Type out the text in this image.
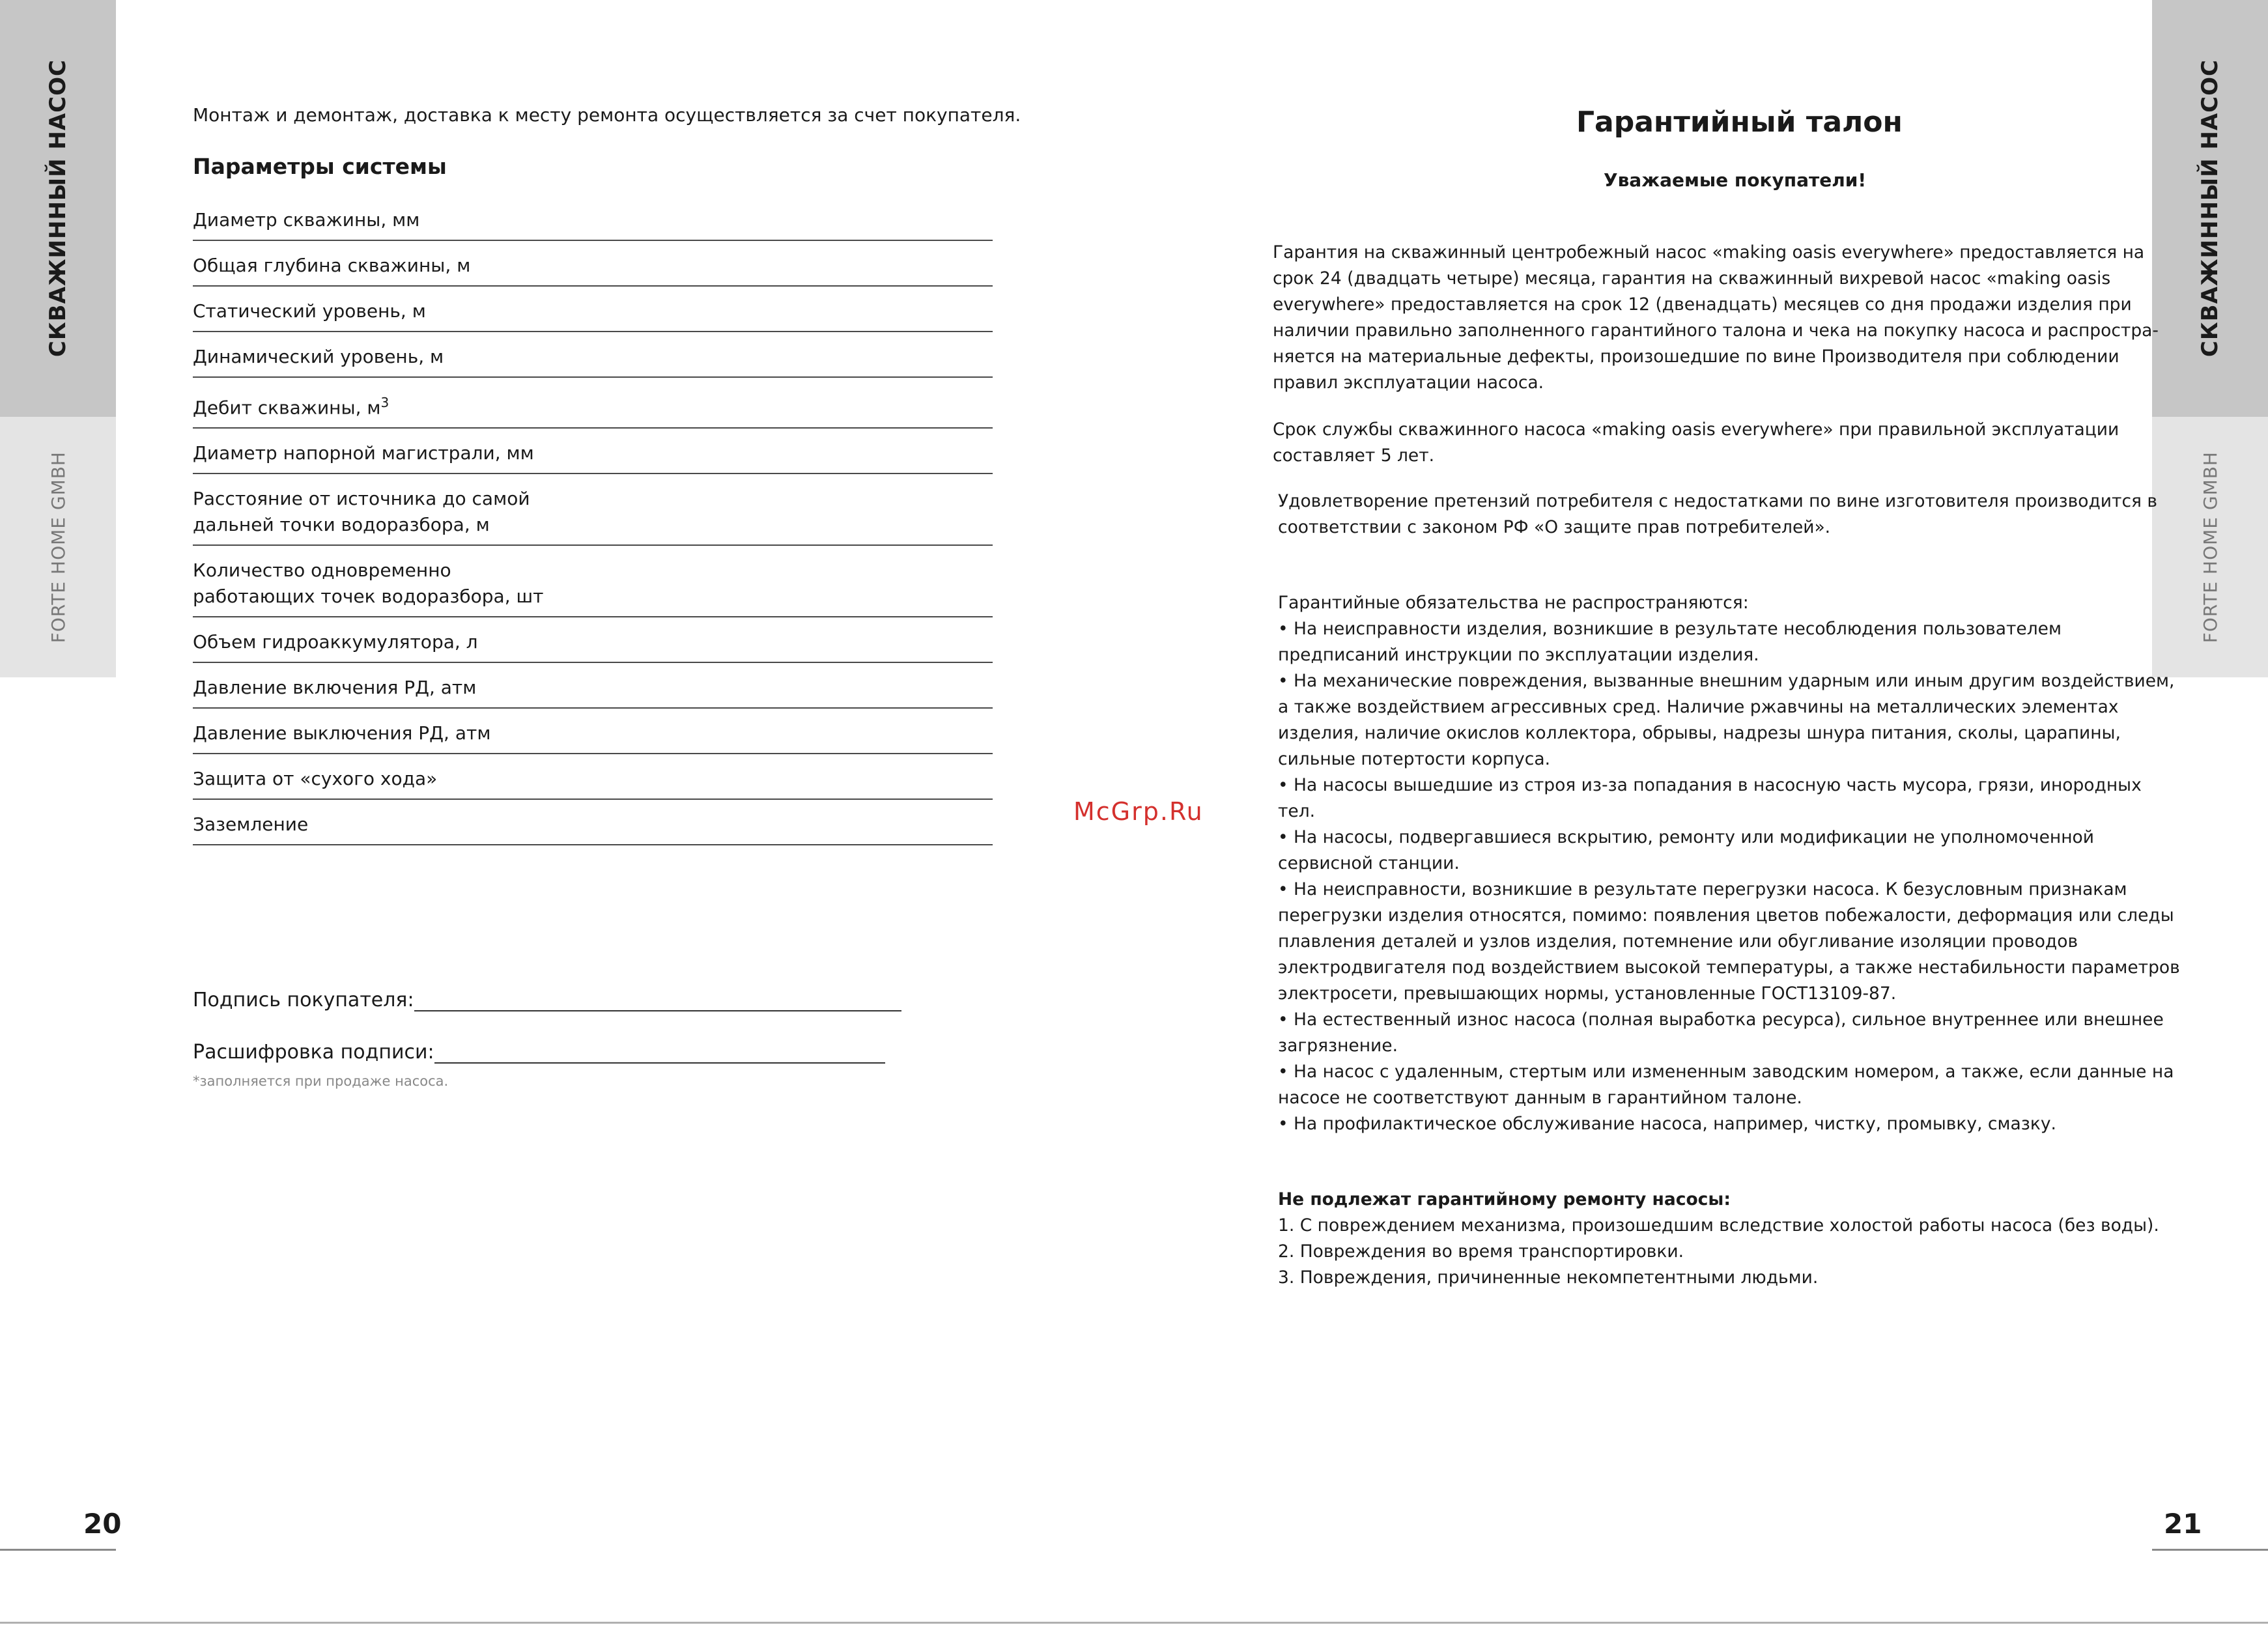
СКВАЖИННЫЙ НАСОС
FORTE HOME GMBH
СКВАЖИННЫЙ НАСОС
FORTE HOME GMBH
20	21
Монтаж и демонтаж, доставка к месту ремонта осуществляется за счет покупателя.
Параметры системы
Диаметр скважины, мм
Общая глубина скважины, м
Статический уровень, м
Динамический уровень, м
Дебит скважины, $м^3$
Диаметр напорной магистрали, мм
Расстояние от источника до самой
дальней точки водоразбора, м
Количество одновременно
работающих точек водоразбора, шт
Объем гидроаккумулятора, л
Давление включения РД, атм
Давление выключения РД, атм
Защита от «сухого хода»
Заземление
Подпись покупателя:
Расшифровка подписи:
*заполняется при продаже насоса.
McGrp.Ru
Гарантийный талон
Уважаемые покупатели!
Гарантия на скважинный центробежный насос «making oasis everywhere» предоставляется на
срок 24 (двадцать четыре) месяца, гарантия на скважинный вихревой насос «making oasis
everywhere» предоставляется на срок 12 (двенадцать) месяцев со дня продажи изделия при
наличии правильно заполненного гарантийного талона и чека на покупку насоса и распростра-
няется на материальные дефекты, произошедшие по вине Производителя при соблюдении
правил эксплуатации насоса.
Срок службы скважинного насоса «making oasis everywhere» при правильной эксплуатации
составляет 5 лет.
Удовлетворение претензий потребителя с недостатками по вине изготовителя производится в
соответствии с законом РФ «О защите прав потребителей».
Гарантийные обязательства не распространяются:
• На неисправности изделия, возникшие в результате несоблюдения пользователем
предписаний инструкции по эксплуатации изделия.
• На механические повреждения, вызванные внешним ударным или иным другим воздействием,
а также воздействием агрессивных сред. Наличие ржавчины на металлических элементах
изделия, наличие окислов коллектора, обрывы, надрезы шнура питания, сколы, царапины,
сильные потертости корпуса.
• На насосы вышедшие из строя из-за попадания в насосную часть мусора, грязи, инородных
тел.
• На насосы, подвергавшиеся вскрытию, ремонту или модификации не уполномоченной
сервисной станции.
• На неисправности, возникшие в результате перегрузки насоса. К безусловным признакам
перегрузки изделия относятся, помимо: появления цветов побежалости, деформация или следы
плавления деталей и узлов изделия, потемнение или обугливание изоляции проводов
электродвигателя под воздействием высокой температуры, а также нестабильности параметров
электросети, превышающих нормы, установленные ГОСТ13109-87.
• На естественный износ насоса (полная выработка ресурса), сильное внутреннее или внешнее
загрязнение.
• На насос с удаленным, стертым или измененным заводским номером, а также, если данные на
насосе не соответствуют данным в гарантийном талоне.
• На профилактическое обслуживание насоса, например, чистку, промывку, смазку.
Не подлежат гарантийному ремонту насосы:
1. С повреждением механизма, произошедшим вследствие холостой работы насоса (без воды).
2. Повреждения во время транспортировки.
3. Повреждения, причиненные некомпетентными людьми.
